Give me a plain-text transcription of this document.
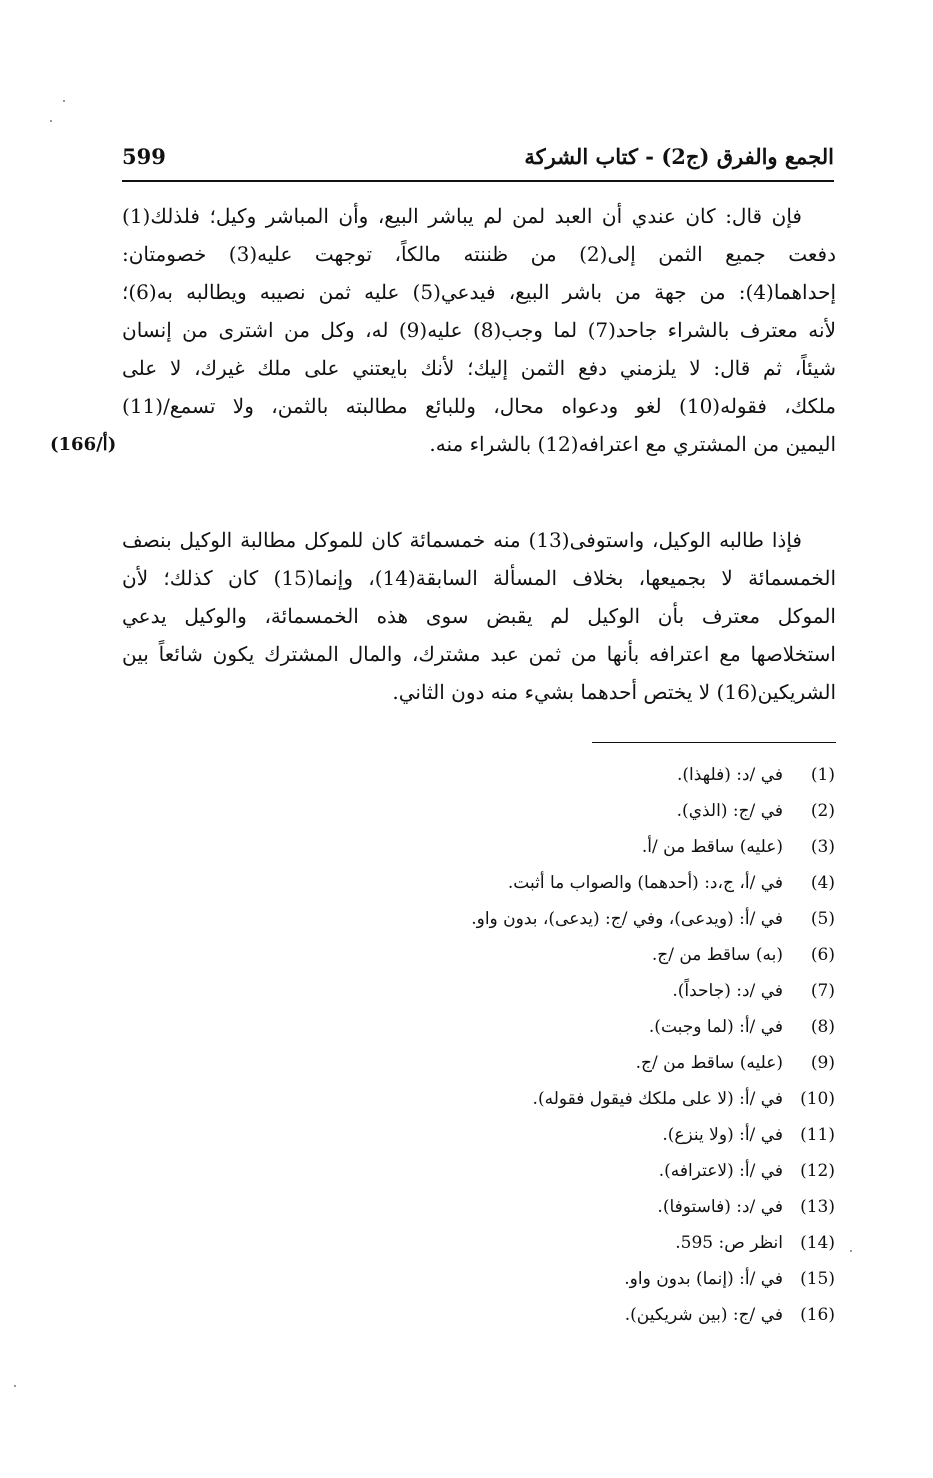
الجمع والفرق (ج2) - كتاب الشركة
599
فإن قال: كان عندي أن العبد لمن لم يباشر البيع، وأن المباشر وكيل؛ فلذلك(1)
دفعت جميع الثمن إلى(2) من ظننته مالكاً، توجهت عليه(3) خصومتان:
إحداهما(4): من جهة من باشر البيع، فيدعي(5) عليه ثمن نصيبه ويطالبه به(6)؛
لأنه معترف بالشراء جاحد(7) لما وجب(8) عليه(9) له، وكل من اشترى من إنسان
شيئاً، ثم قال: لا يلزمني دفع الثمن إليك؛ لأنك بايعتني على ملك غيرك، لا على
ملكك، فقوله(10) لغو ودعواه محال، وللبائع مطالبته بالثمن، ولا تسمع/(11)
اليمين من المشتري مع اعترافه(12) بالشراء منه.
(166/أ)
فإذا طالبه الوكيل، واستوفى(13) منه خمسمائة كان للموكل مطالبة الوكيل بنصف
الخمسمائة لا بجميعها، بخلاف المسألة السابقة(14)، وإنما(15) كان كذلك؛ لأن
الموكل معترف بأن الوكيل لم يقبض سوى هذه الخمسمائة، والوكيل يدعي
استخلاصها مع اعترافه بأنها من ثمن عبد مشترك، والمال المشترك يكون شائعاً بين
الشريكين(16) لا يختص أحدهما بشيء منه دون الثاني.
(1)في /د: (فلهذا).
(2)في /ج: (الذي).
(3)(عليه) ساقط من /أ.
(4)في /أ، ج،د: (أحدهما) والصواب ما أثبت.
(5)في /أ: (ويدعى)، وفي /ج: (يدعى)، بدون واو.
(6)(به) ساقط من /ج.
(7)في /د: (جاحداً).
(8)في /أ: (لما وجبت).
(9)(عليه) ساقط من /ج.
(10)في /أ: (لا على ملكك فيقول فقوله).
(11)في /أ: (ولا ينزع).
(12)في /أ: (لاعترافه).
(13)في /د: (فاستوفا).
(14)انظر ص: 595.
(15)في /أ: (إنما) بدون واو.
(16)في /ج: (بين شريكين).
